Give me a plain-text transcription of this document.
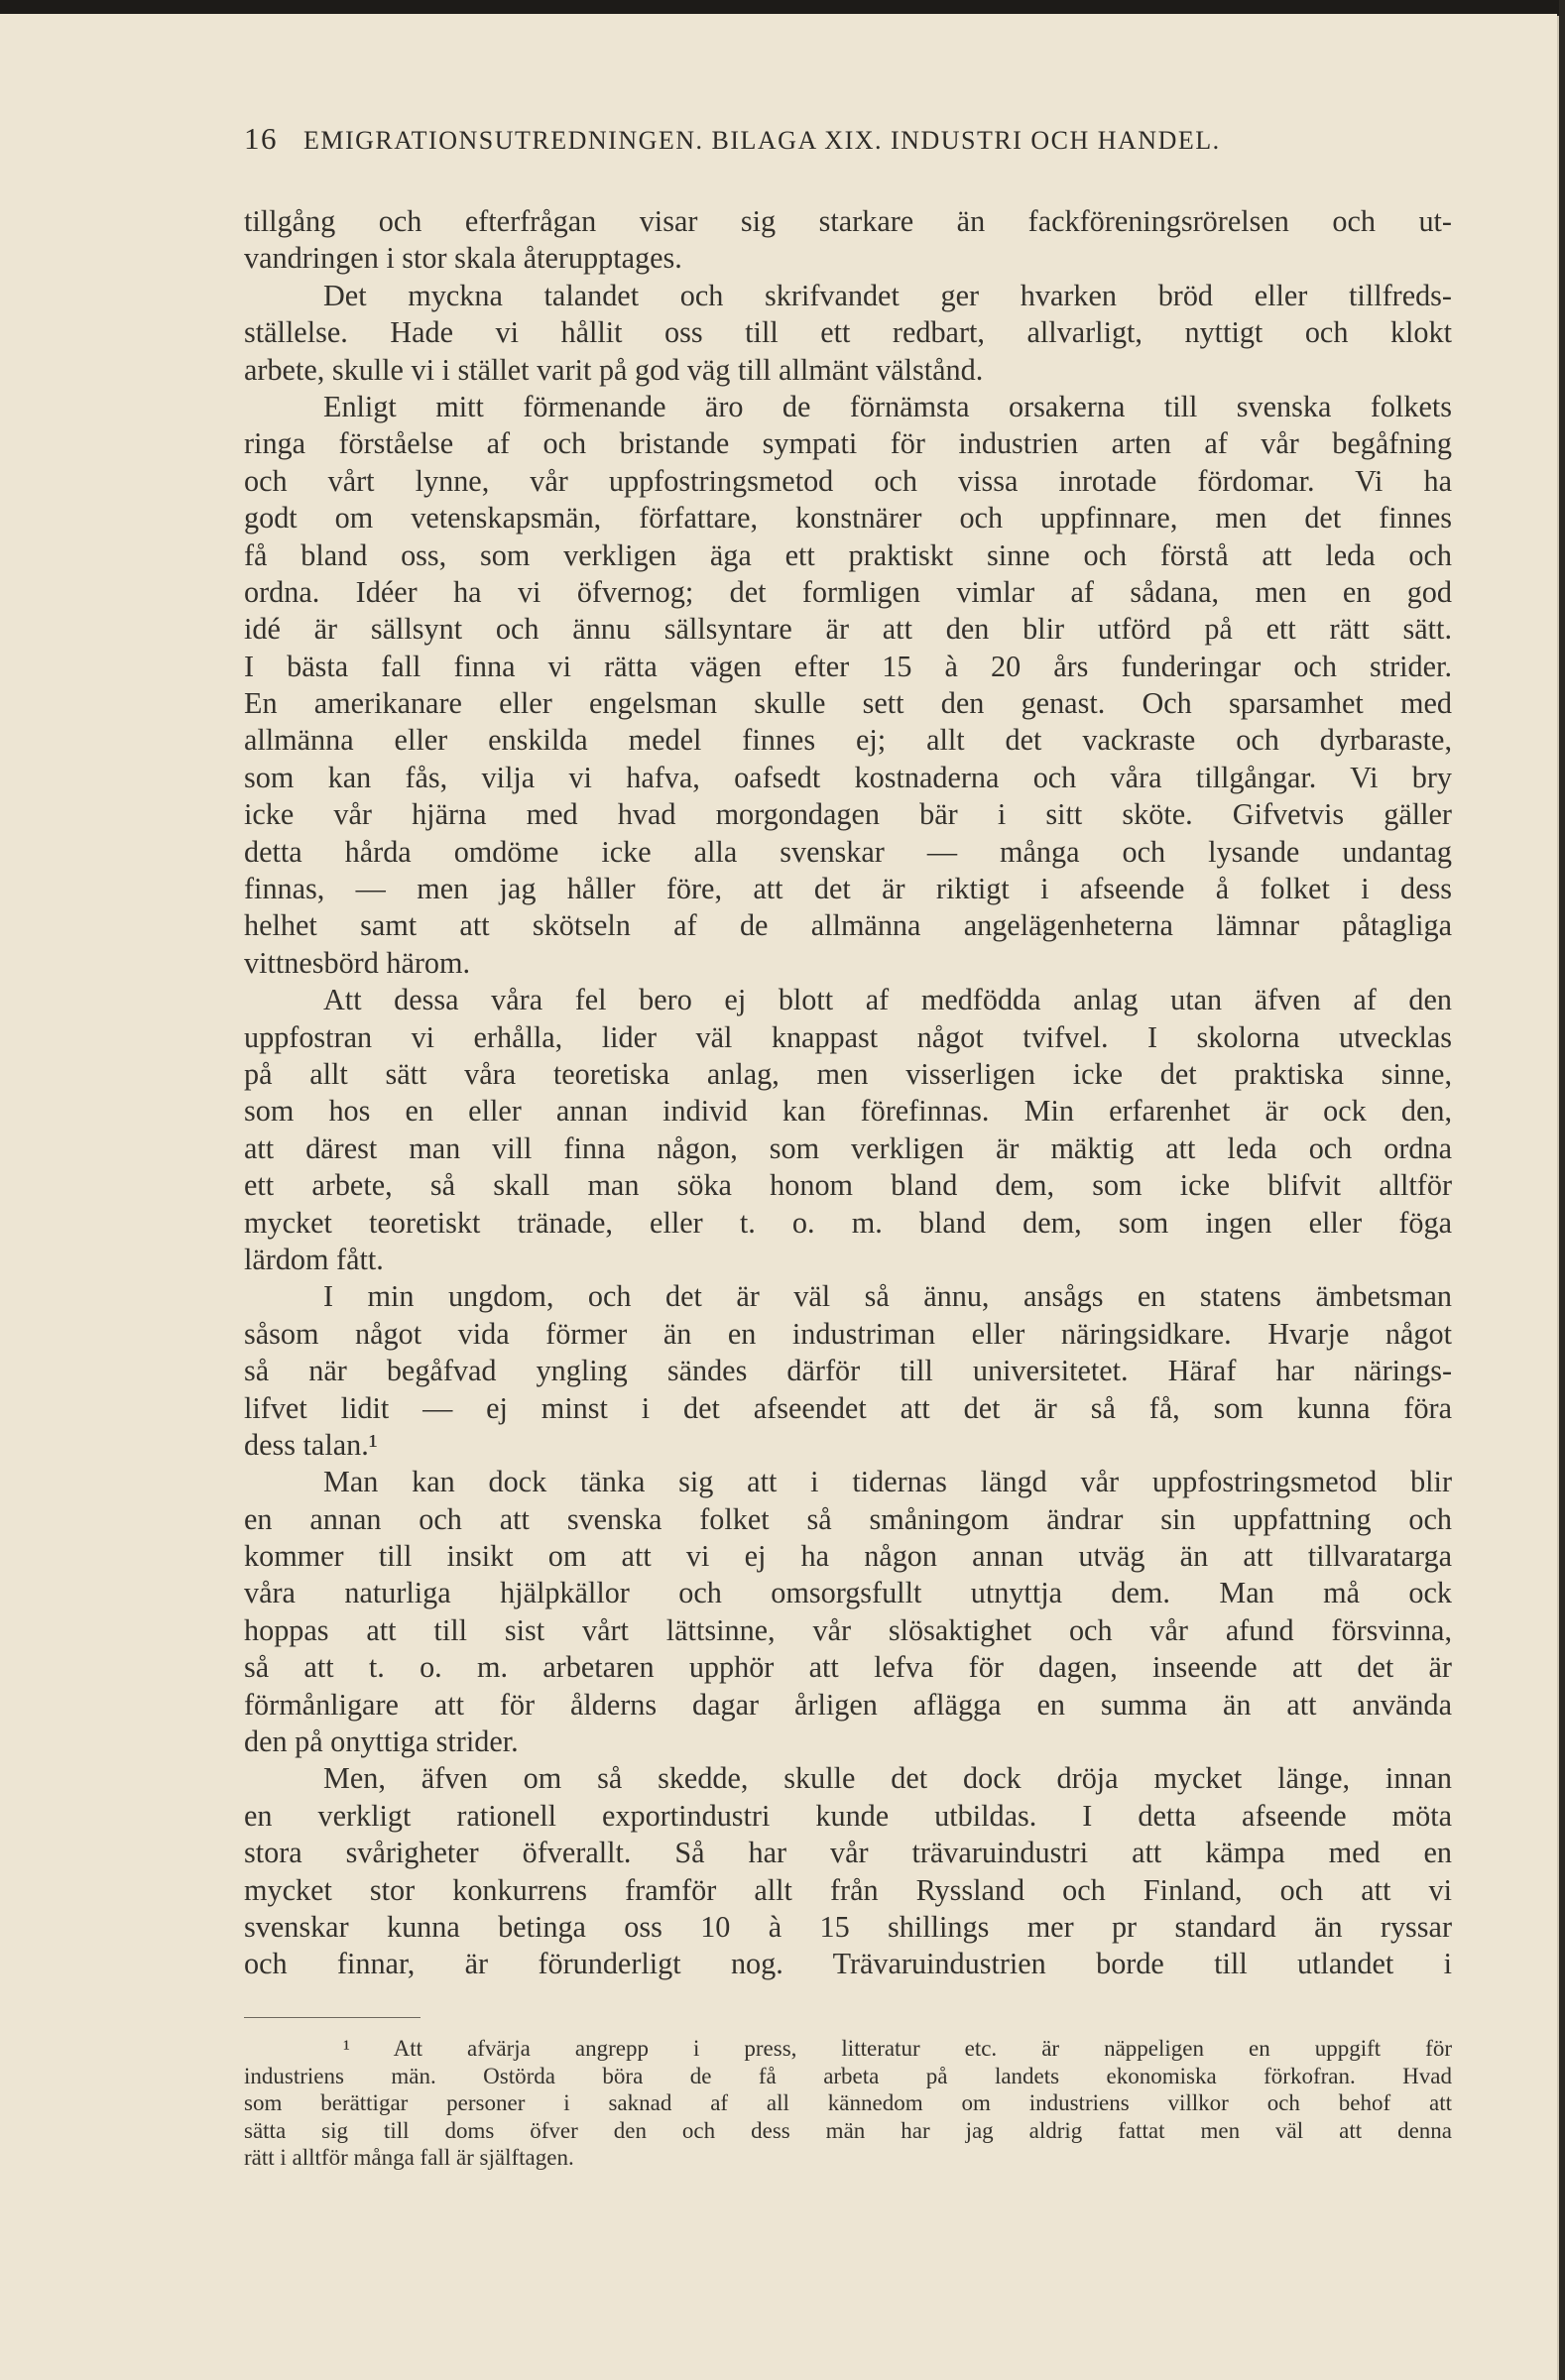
16 EMIGRATIONSUTREDNINGEN. BILAGA XIX. INDUSTRI OCH HANDEL.
tillgång och efterfrågan visar sig starkare än fackföreningsrörelsen och ut-
vandringen i stor skala återupptages.
Det myckna talandet och skrifvandet ger hvarken bröd eller tillfreds-
ställelse. Hade vi hållit oss till ett redbart, allvarligt, nyttigt och klokt
arbete, skulle vi i stället varit på god väg till allmänt välstånd.
Enligt mitt förmenande äro de förnämsta orsakerna till svenska folkets
ringa förståelse af och bristande sympati för industrien arten af vår begåfning
och vårt lynne, vår uppfostringsmetod och vissa inrotade fördomar. Vi ha
godt om vetenskapsmän, författare, konstnärer och uppfinnare, men det finnes
få bland oss, som verkligen äga ett praktiskt sinne och förstå att leda och
ordna. Idéer ha vi öfvernog; det formligen vimlar af sådana, men en god
idé är sällsynt och ännu sällsyntare är att den blir utförd på ett rätt sätt.
I bästa fall finna vi rätta vägen efter 15 à 20 års funderingar och strider.
En amerikanare eller engelsman skulle sett den genast. Och sparsamhet med
allmänna eller enskilda medel finnes ej; allt det vackraste och dyrbaraste,
som kan fås, vilja vi hafva, oafsedt kostnaderna och våra tillgångar. Vi bry
icke vår hjärna med hvad morgondagen bär i sitt sköte. Gifvetvis gäller
detta hårda omdöme icke alla svenskar — många och lysande undantag
finnas, — men jag håller före, att det är riktigt i afseende å folket i dess
helhet samt att skötseln af de allmänna angelägenheterna lämnar påtagliga
vittnesbörd härom.
Att dessa våra fel bero ej blott af medfödda anlag utan äfven af den
uppfostran vi erhålla, lider väl knappast något tvifvel. I skolorna utvecklas
på allt sätt våra teoretiska anlag, men visserligen icke det praktiska sinne,
som hos en eller annan individ kan förefinnas. Min erfarenhet är ock den,
att därest man vill finna någon, som verkligen är mäktig att leda och ordna
ett arbete, så skall man söka honom bland dem, som icke blifvit alltför
mycket teoretiskt tränade, eller t. o. m. bland dem, som ingen eller föga
lärdom fått.
I min ungdom, och det är väl så ännu, ansågs en statens ämbetsman
såsom något vida förmer än en industriman eller näringsidkare. Hvarje något
så när begåfvad yngling sändes därför till universitetet. Häraf har närings-
lifvet lidit — ej minst i det afseendet att det är så få, som kunna föra
dess talan.¹
Man kan dock tänka sig att i tidernas längd vår uppfostringsmetod blir
en annan och att svenska folket så småningom ändrar sin uppfattning och
kommer till insikt om att vi ej ha någon annan utväg än att tillvaratarga
våra naturliga hjälpkällor och omsorgsfullt utnyttja dem. Man må ock
hoppas att till sist vårt lättsinne, vår slösaktighet och vår afund försvinna,
så att t. o. m. arbetaren upphör att lefva för dagen, inseende att det är
förmånligare att för ålderns dagar årligen aflägga en summa än att använda
den på onyttiga strider.
Men, äfven om så skedde, skulle det dock dröja mycket länge, innan
en verkligt rationell exportindustri kunde utbildas. I detta afseende möta
stora svårigheter öfverallt. Så har vår trävaruindustri att kämpa med en
mycket stor konkurrens framför allt från Ryssland och Finland, och att vi
svenskar kunna betinga oss 10 à 15 shillings mer pr standard än ryssar
och finnar, är förunderligt nog. Trävaruindustrien borde till utlandet i
¹ Att afvärja angrepp i press, litteratur etc. är näppeligen en uppgift för
industriens män. Ostörda böra de få arbeta på landets ekonomiska förkofran. Hvad
som berättigar personer i saknad af all kännedom om industriens villkor och behof att
sätta sig till doms öfver den och dess män har jag aldrig fattat men väl att denna
rätt i alltför många fall är själftagen.
